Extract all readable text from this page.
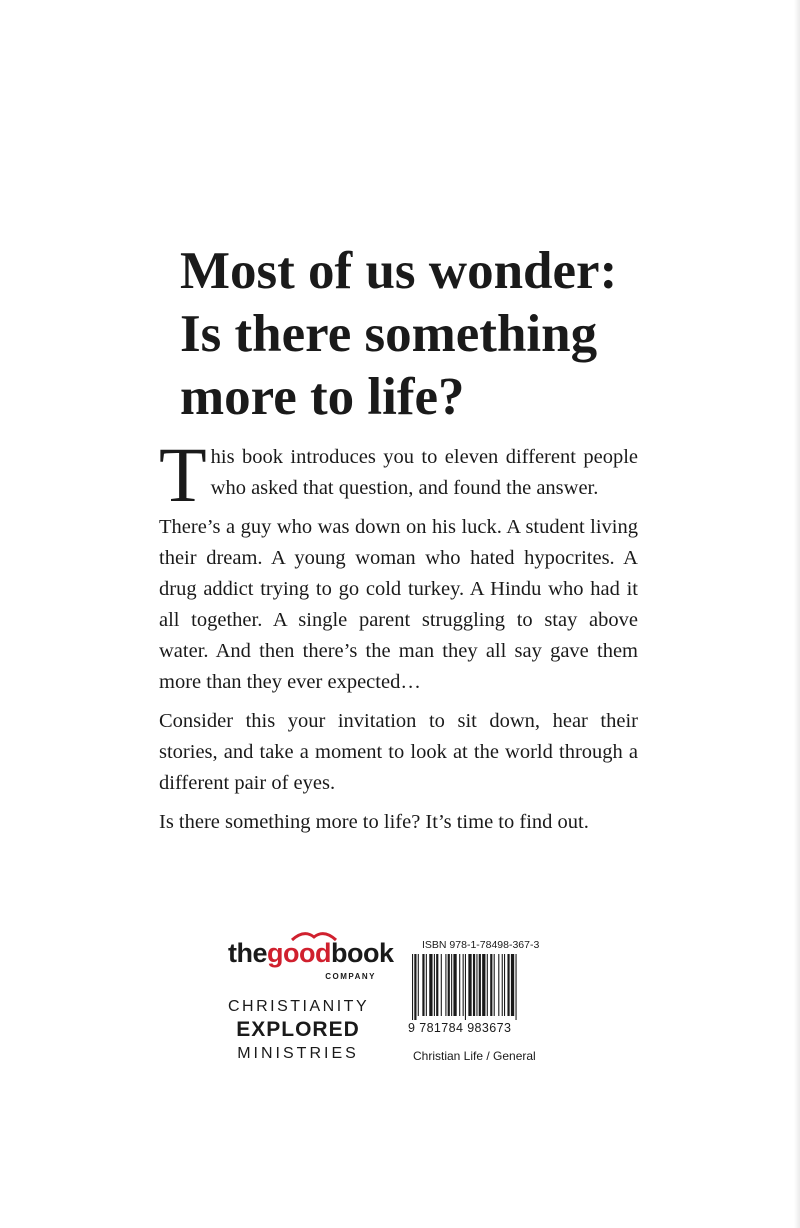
Most of us wonder:
Is there something
more to life?

This book introduces you to eleven different people who asked that question, and found the answer.

There’s a guy who was down on his luck. A student living their dream. A young woman who hated hypocrites. A drug addict trying to go cold turkey. A Hindu who had it all together. A single parent struggling to stay above water. And then there’s the man they all say gave them more than they ever expected…

Consider this your invitation to sit down, hear their stories, and take a moment to look at the world through a different pair of eyes.

Is there something more to life? It’s time to find out.

thegoodbook
COMPANY
CHRISTIANITY
EXPLORED
MINISTRIES
ISBN 978-1-78498-367-3
9 781784 983673
Christian Life / General
